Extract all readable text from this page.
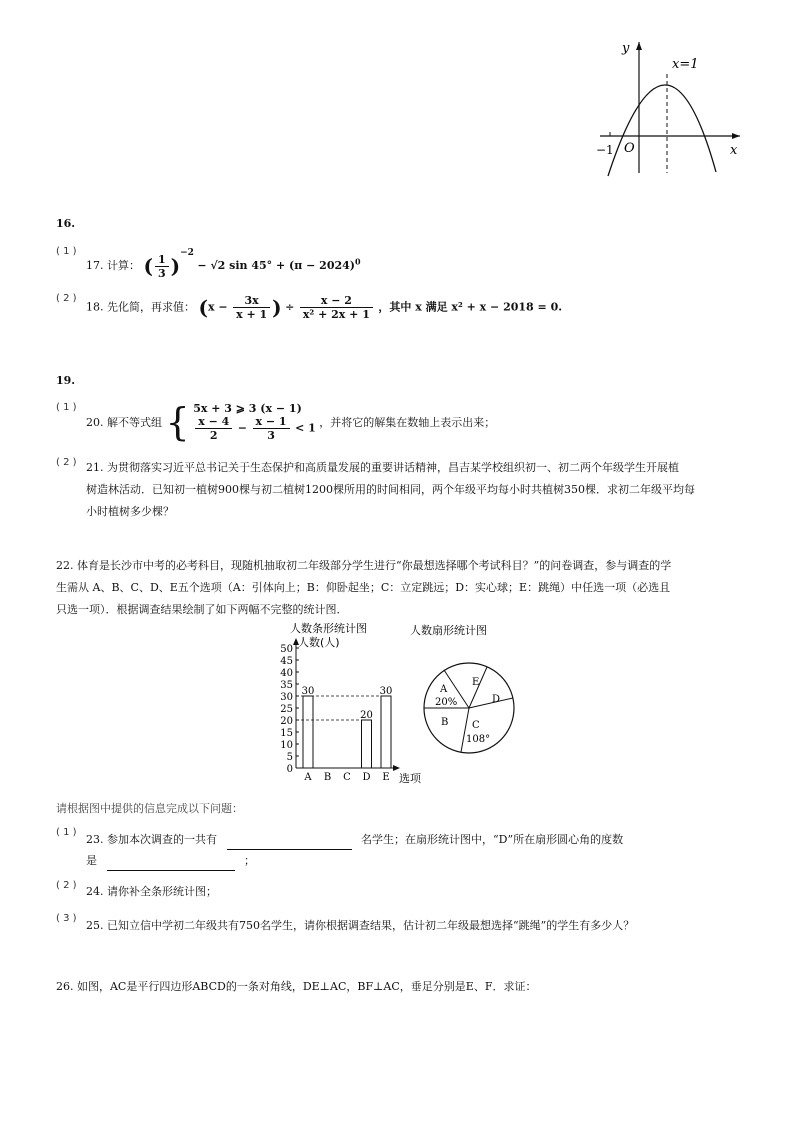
y
x
x=1
O
−1
16.
( 1 )
17. 计算： ( $\frac{1}{3} )^{-2} - √2$ $\sin 45^\circ + (\pi - 2024)^0$
( 2 )
18. 先化简，再求值： ($x - \frac{3x}{x + 1}$ ) ÷ $\frac{x - 2}{\text{x² + 2x + 1}}$ ，其中 x 满足 x² + x − 2018 = 0.
19.
( 1 )
20. 解不等式组 { 5x + 3 ⩾ 3 (x − 1)
$\frac{x - 4}{2} - \frac{x - 1}{3} < 1$ ，并将它的解集在数轴上表示出来；
( 2 ) 21. 为贯彻落实习近平总书记关于生态保护和高质量发展的重要讲话精神，昌吉某学校组织初一、初二两个年级学生开展植
树造林活动．已知初一植树900棵与初二植树1200棵所用的时间相同，两个年级平均每小时共植树350棵．求初二年级平均每
小时植树多少棵？
22. 体育是长沙市中考的必考科目，现随机抽取初二年级部分学生进行“你最想选择哪个考试科目？”的问卷调查，参与调查的学
生需从 A、B、C、D、E五个选项（A：引体向上；B：仰卧起坐；C：立定跳远；D：实心球；E：跳绳）中任选一项（必选且
只选一项）．根据调查结果绘制了如下两幅不完整的统计图．
人数条形统计图
人数(人)
0
5
10
15
20
25
30
35
40
45
50
30
A B C
20
D
30
E 选项
人数扇形统计图
A
20%
E
D
B C
108°
请根据图中提供的信息完成以下问题：
( 1 )
23. 参加本次调查的一共有	名学生；在扇形统计图中，“D”所在扇形圆心角的度数
是	；
( 2 ) 24. 请你补全条形统计图；
( 3 )
25. 已知立信中学初二年级共有750名学生，请你根据调查结果，估计初二年级最想选择“跳绳”的学生有多少人？
26. 如图，AC是平行四边形ABCD的一条对角线，DE⊥AC，BF⊥AC，垂足分别是E、F．求证：
